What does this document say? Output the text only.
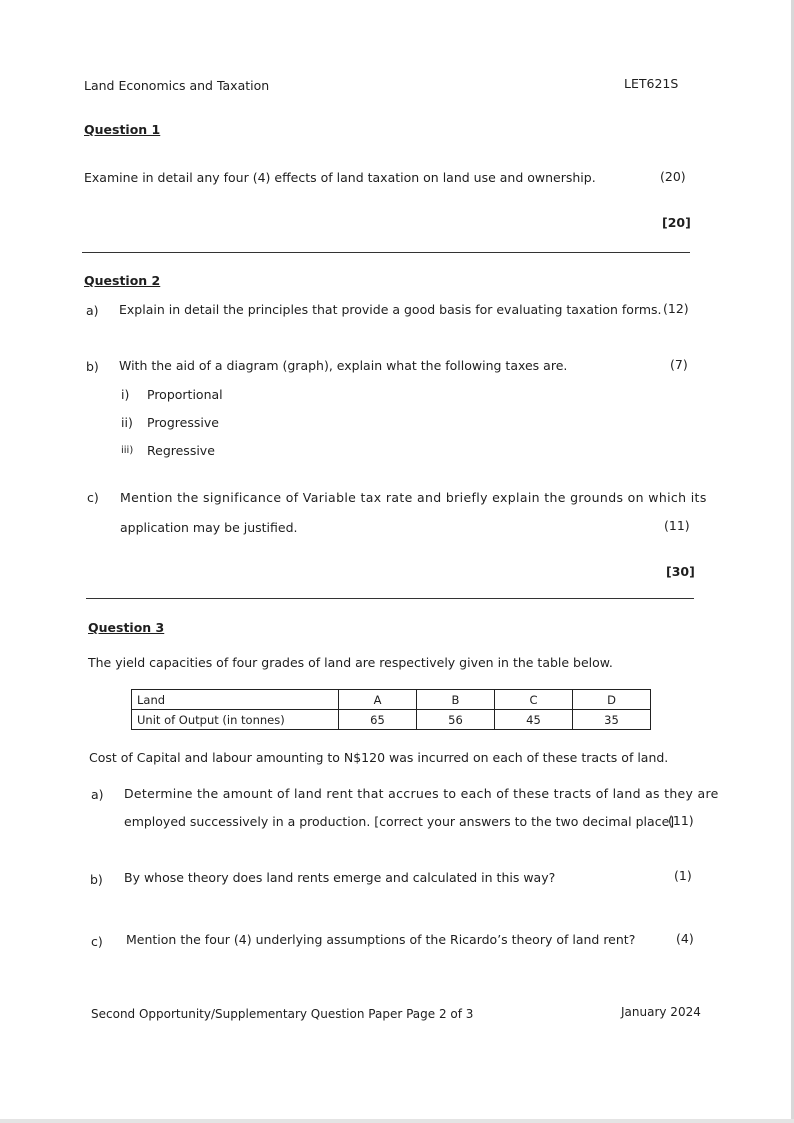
Land Economics and Taxation	LET621S
Question 1
Examine in detail any four (4) effects of land taxation on land use and ownership.	(20)
[20]
Question 2
a) Explain in detail the principles that provide a good basis for evaluating taxation forms. (12)
b) With the aid of a diagram (graph), explain what the following taxes are.	(7)
i) Proportional
ii) Progressive
iii) Regressive
c) Mention the significance of Variable tax rate and briefly explain the grounds on which its
application may be justified.	(11)
[30]
Question 3
The yield capacities of four grades of land are respectively given in the table below.
Land	A	B	C	D
Unit of Output (in tonnes)	65	56	45	35
Cost of Capital and labour amounting to N$120 was incurred on each of these tracts of land.
a) Determine the amount of land rent that accrues to each of these tracts of land as they are
employed successively in a production. [correct your answers to the two decimal place]
(11)
b) By whose theory does land rents emerge and calculated in this way?	(1)
c) Mention the four (4) underlying assumptions of the Ricardo’s theory of land rent?	(4)
Second Opportunity/Supplementary Question Paper Page 2 of 3	January 2024
